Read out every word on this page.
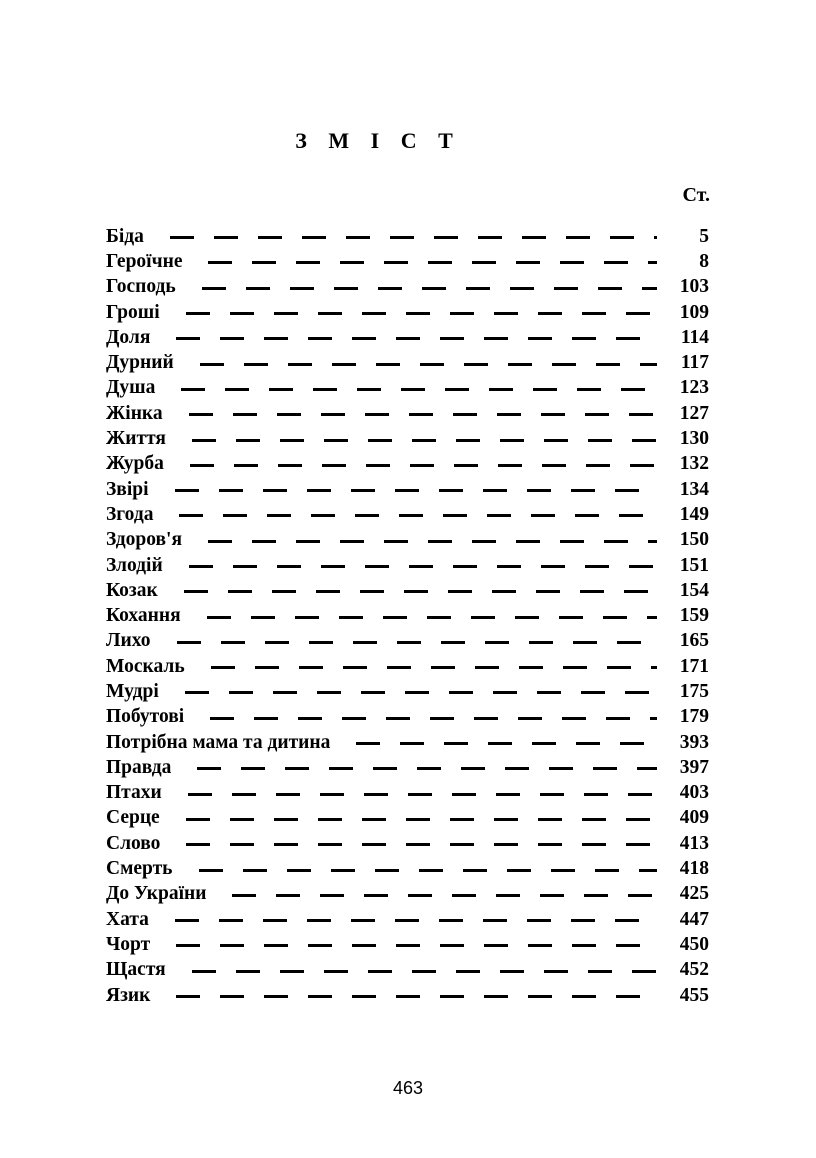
З М І С Т
Ст.
Біда	5
Героїчне	8
Господь	103
Гроші	109
Доля	114
Дурний	117
Душа	123
Жінка	127
Життя	130
Журба	132
Звірі	134
Згода	149
Здоров'я	150
Злодій	151
Козак	154
Кохання	159
Лихо	165
Москаль	171
Мудрі	175
Побутові	179
Потрібна мама та дитина	393
Правда	397
Птахи	403
Серце	409
Слово	413
Смерть	418
До України	425
Хата	447
Чорт	450
Щастя	452
Язик	455
463
